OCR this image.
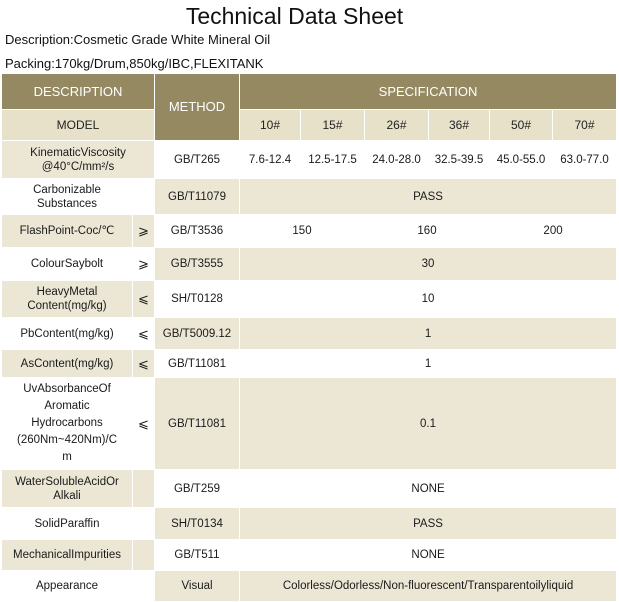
Technical Data Sheet
Description:Cosmetic Grade White Mineral Oil
Packing:170kg/Drum,850kg/IBC,FLEXITANK
DESCRIPTION		METHOD	SPECIFICATION					
MODEL			10#	15#	26#	36#	50#	70#

KinematicViscosity
@40°C/mm²/s		GB/T265	7.6-12.4	12.5-17.5	24.0-28.0	32.5-39.5	45.0-55.0	63.0-77.0

Carbonizable
Substances		GB/T11079	PASS					
FlashPoint-Coc/℃	⩾	GB/T3536	150		160		200	
ColourSaybolt	⩾	GB/T3555	30					

HeavyMetal
Content(mg/kg)	⩽	SH/T0128	10					
PbContent(mg/kg)	⩽	GB/T5009.12	1					
AsContent(mg/kg)	⩽	GB/T11081	1					

UvAbsorbanceOf
Aromatic
Hydrocarbons
(260Nm~420Nm)/C
m	⩽	GB/T11081	0.1					

WaterSolubleAcidOr
Alkali		GB/T259	NONE					
SolidParaffin		SH/T0134	PASS					
MechanicalImpurities		GB/T511	NONE					
Appearance		Visual	Colorless/Odorless/Non-fluorescent/Transparentoilyliquid					
